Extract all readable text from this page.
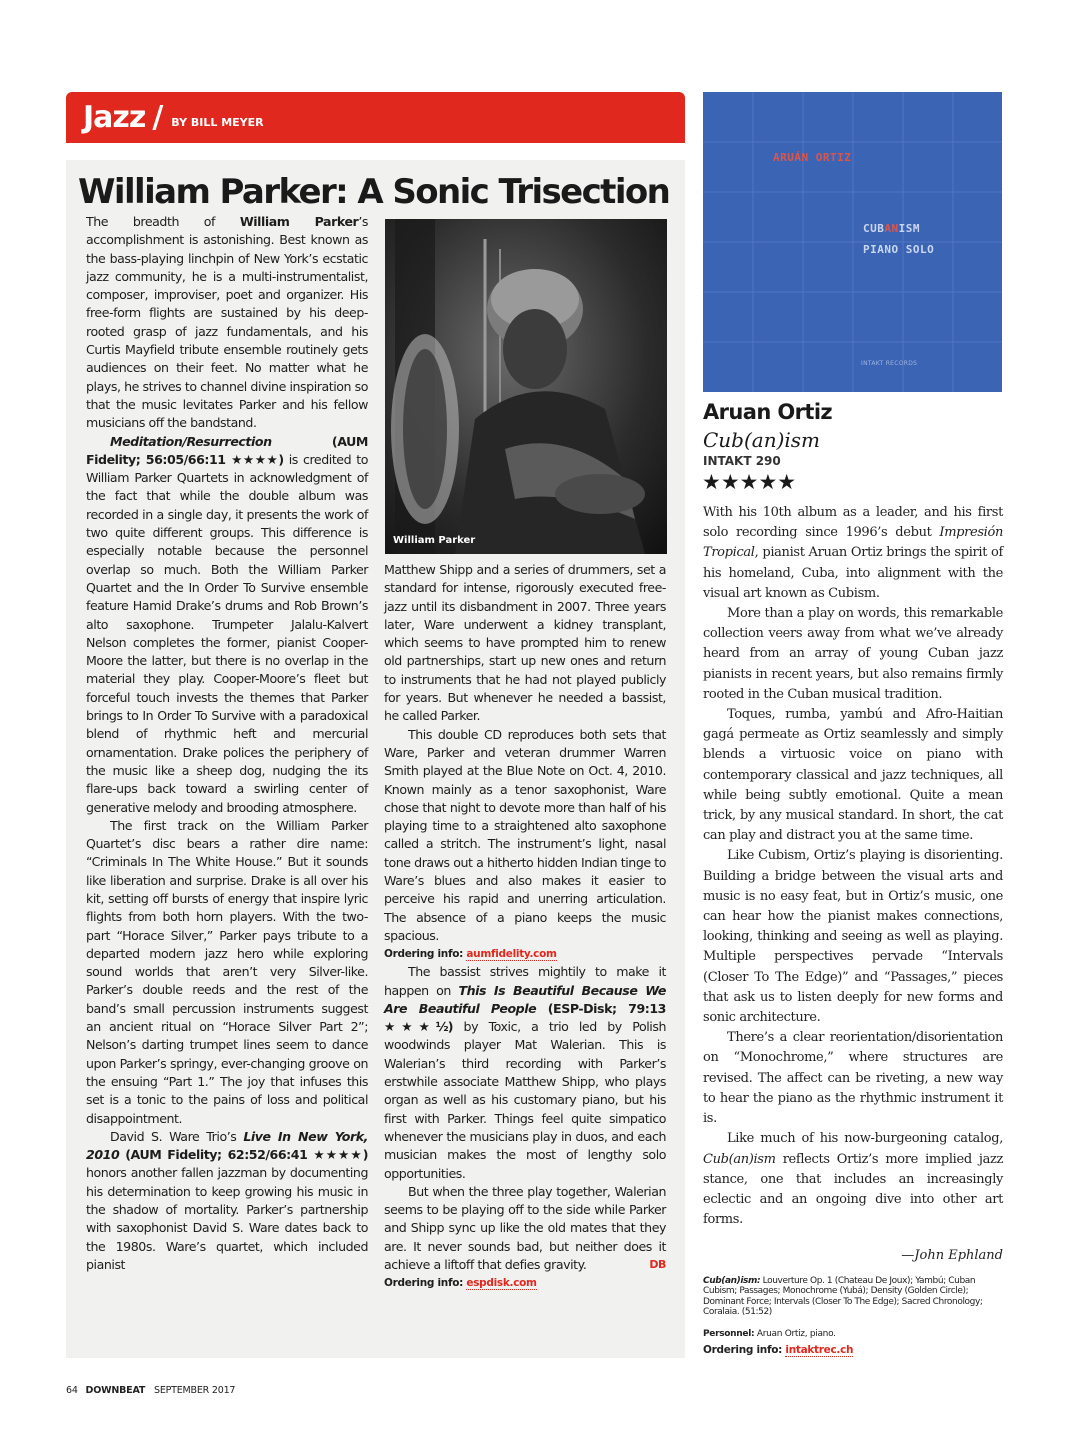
Jazz / BY BILL MEYER
William Parker: A Sonic Trisection

The breadth of William Parker’s accomplishment is astonishing. Best known as the bass-playing linchpin of New York’s ecstatic jazz community, he is a multi-instrumentalist, composer, improviser, poet and organizer. His free-form flights are sustained by his deep-rooted grasp of jazz fundamentals, and his Curtis Mayfield tribute ensemble routinely gets audiences on their feet. No matter what he plays, he strives to channel divine inspiration so that the music levitates Parker and his fellow musicians off the bandstand.

Meditation/Resurrection (AUM Fidelity; 56:05/66:11 ★★★★) is credited to William Parker Quartets in acknowledgment of the fact that while the double album was recorded in a single day, it presents the work of two quite different groups. This difference is especially notable because the personnel overlap so much. Both the William Parker Quartet and the In Order To Survive ensemble feature Hamid Drake’s drums and Rob Brown’s alto saxophone. Trumpeter Jalalu-Kalvert Nelson completes the former, pianist Cooper-Moore the latter, but there is no overlap in the material they play. Cooper-Moore’s fleet but forceful touch invests the themes that Parker brings to In Order To Survive with a paradoxical blend of rhythmic heft and mercurial ornamentation. Drake polices the periphery of the music like a sheep dog, nudging the its flare-ups back toward a swirling center of generative melody and brooding atmosphere.

The first track on the William Parker Quartet’s disc bears a rather dire name: “Criminals In The White House.” But it sounds like liberation and surprise. Drake is all over his kit, setting off bursts of energy that inspire lyric flights from both horn players. With the two-part “Horace Silver,” Parker pays tribute to a departed modern jazz hero while exploring sound worlds that aren’t very Silver-like. Parker’s double reeds and the rest of the band’s small percussion instruments suggest an ancient ritual on “Horace Silver Part 2”; Nelson’s darting trumpet lines seem to dance upon Parker’s springy, ever-changing groove on the ensuing “Part 1.” The joy that infuses this set is a tonic to the pains of loss and political disappointment.

David S. Ware Trio’s Live In New York, 2010 (AUM Fidelity; 62:52/66:41 ★★★★) honors another fallen jazzman by documenting his determination to keep growing his music in the shadow of mortality. Parker’s partnership with saxophonist David S. Ware dates back to the 1980s. Ware’s quartet, which included pianist

William Parker

Matthew Shipp and a series of drummers, set a standard for intense, rigorously executed free-jazz until its disbandment in 2007. Three years later, Ware underwent a kidney transplant, which seems to have prompted him to renew old partnerships, start up new ones and return to instruments that he had not played publicly for years. But whenever he needed a bassist, he called Parker.

This double CD reproduces both sets that Ware, Parker and veteran drummer Warren Smith played at the Blue Note on Oct. 4, 2010. Known mainly as a tenor saxophonist, Ware chose that night to devote more than half of his playing time to a straightened alto saxophone called a stritch. The instrument’s light, nasal tone draws out a hitherto hidden Indian tinge to Ware’s blues and also makes it easier to perceive his rapid and unerring articulation. The absence of a piano keeps the music spacious.

Ordering info: aumfidelity.com

The bassist strives mightily to make it happen on This Is Beautiful Because We Are Beautiful People (ESP-Disk; 79:13 ★★★½) by Toxic, a trio led by Polish woodwinds player Mat Walerian. This is Walerian’s third recording with Parker’s erstwhile associate Matthew Shipp, who plays organ as well as his customary piano, but his first with Parker. Things feel quite simpatico whenever the musicians play in duos, and each musician makes the most of lengthy solo opportunities.

But when the three play together, Walerian seems to be playing off to the side while Parker and Shipp sync up like the old mates that they are. It never sounds bad, but neither does it achieve a liftoff that defies gravity.	DB

Ordering info: espdisk.com
ARUÁN ORTIZ
CUBANISM
PIANO SOLO
INTAKT RECORDS
Aruan Ortiz
Cub(an)ism
INTAKT 290
★★★★★

With his 10th album as a leader, and his first solo recording since 1996’s debut Impresión Tropical, pianist Aruan Ortiz brings the spirit of his homeland, Cuba, into alignment with the visual art known as Cubism.

More than a play on words, this remarkable collection veers away from what we’ve already heard from an array of young Cuban jazz pianists in recent years, but also remains firmly rooted in the Cuban musical tradition.

Toques, rumba, yambú and Afro-Haitian gagá permeate as Ortiz seamlessly and simply blends a virtuosic voice on piano with contemporary classical and jazz techniques, all while being subtly emotional. Quite a mean trick, by any musical standard. In short, the cat can play and distract you at the same time.

Like Cubism, Ortiz’s playing is disorienting. Building a bridge between the visual arts and music is no easy feat, but in Ortiz’s music, one can hear how the pianist makes connections, looking, thinking and seeing as well as playing. Multiple perspectives pervade “Intervals (Closer To The Edge)” and “Passages,” pieces that ask us to listen deeply for new forms and sonic architecture.

There’s a clear reorientation/disorientation on “Monochrome,” where structures are revised. The affect can be riveting, a new way to hear the piano as the rhythmic instrument it is.

Like much of his now-burgeoning catalog, Cub(an)ism reflects Ortiz’s more implied jazz stance, one that includes an increasingly eclectic and an ongoing dive into other art forms.

—John Ephland
Cub(an)ism: Louverture Op. 1 (Chateau De Joux); Yambú; Cuban Cubism; Passages; Monochrome (Yubá); Density (Golden Circle); Dominant Force; Intervals (Closer To The Edge); Sacred Chronology; Coralaia. (51:52)
Personnel: Aruan Ortiz, piano.
Ordering info: intaktrec.ch
64 DOWNBEAT SEPTEMBER 2017
